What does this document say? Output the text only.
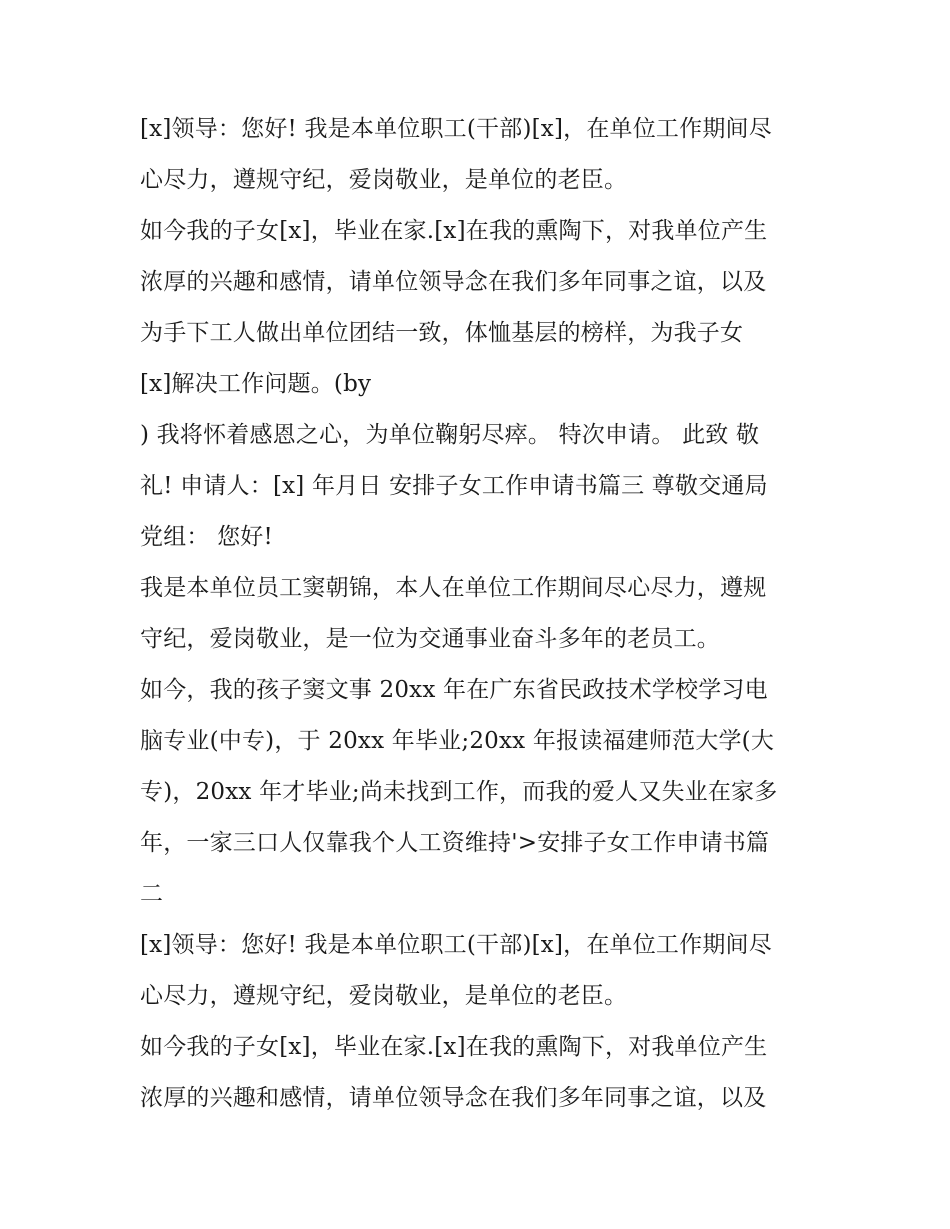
[x]领导：您好! 我是本单位职工(干部)[x]，在单位工作期间尽
心尽力，遵规守纪，爱岗敬业，是单位的老臣。
如今我的子女[x]，毕业在家.[x]在我的熏陶下，对我单位产生
浓厚的兴趣和感情，请单位领导念在我们多年同事之谊，以及
为手下工人做出单位团结一致，体恤基层的榜样，为我子女
[x]解决工作问题。(by
) 我将怀着感恩之心，为单位鞠躬尽瘁。 特次申请。 此致 敬
礼! 申请人：[x] 年月日 安排子女工作申请书篇三 尊敬交通局
党组： 您好!
我是本单位员工窦朝锦，本人在单位工作期间尽心尽力，遵规
守纪，爱岗敬业，是一位为交通事业奋斗多年的老员工。
如今，我的孩子窦文事 20xx 年在广东省民政技术学校学习电
脑专业(中专)，于 20xx 年毕业;20xx 年报读福建师范大学(大
专)，20xx 年才毕业;尚未找到工作，而我的爱人又失业在家多
年，一家三口人仅靠我个人工资维持'>安排子女工作申请书篇
二
[x]领导：您好! 我是本单位职工(干部)[x]，在单位工作期间尽
心尽力，遵规守纪，爱岗敬业，是单位的老臣。
如今我的子女[x]，毕业在家.[x]在我的熏陶下，对我单位产生
浓厚的兴趣和感情，请单位领导念在我们多年同事之谊，以及
